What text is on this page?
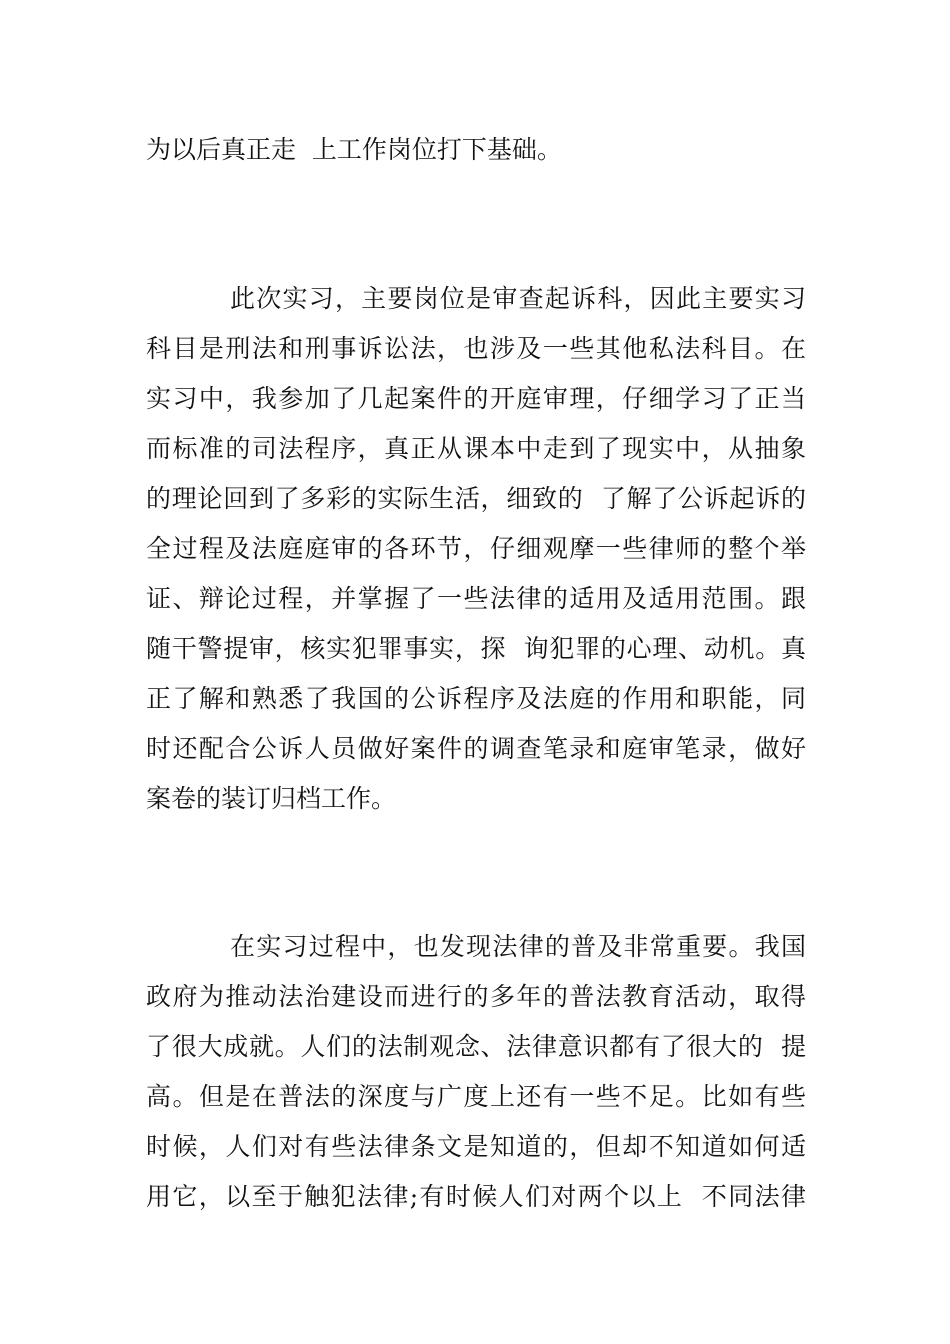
为以后真正走  上工作岗位打下基础。
此次实习，主要岗位是审查起诉科，因此主要实习
科目是刑法和刑事诉讼法，也涉及一些其他私法科目。在
实习中，我参加了几起案件的开庭审理，仔细学习了正当
而标准的司法程序，真正从课本中走到了现实中，从抽象
的理论回到了多彩的实际生活，细致的  了解了公诉起诉的
全过程及法庭庭审的各环节，仔细观摩一些律师的整个举
证、辩论过程，并掌握了一些法律的适用及适用范围。跟
随干警提审，核实犯罪事实，探  询犯罪的心理、动机。真
正了解和熟悉了我国的公诉程序及法庭的作用和职能，同
时还配合公诉人员做好案件的调查笔录和庭审笔录，做好
案卷的装订归档工作。
在实习过程中，也发现法律的普及非常重要。我国
政府为推动法治建设而进行的多年的普法教育活动，取得
了很大成就。人们的法制观念、法律意识都有了很大的  提
高。但是在普法的深度与广度上还有一些不足。比如有些
时候，人们对有些法律条文是知道的，但却不知道如何适
用它，以至于触犯法律;有时候人们对两个以上  不同法律
